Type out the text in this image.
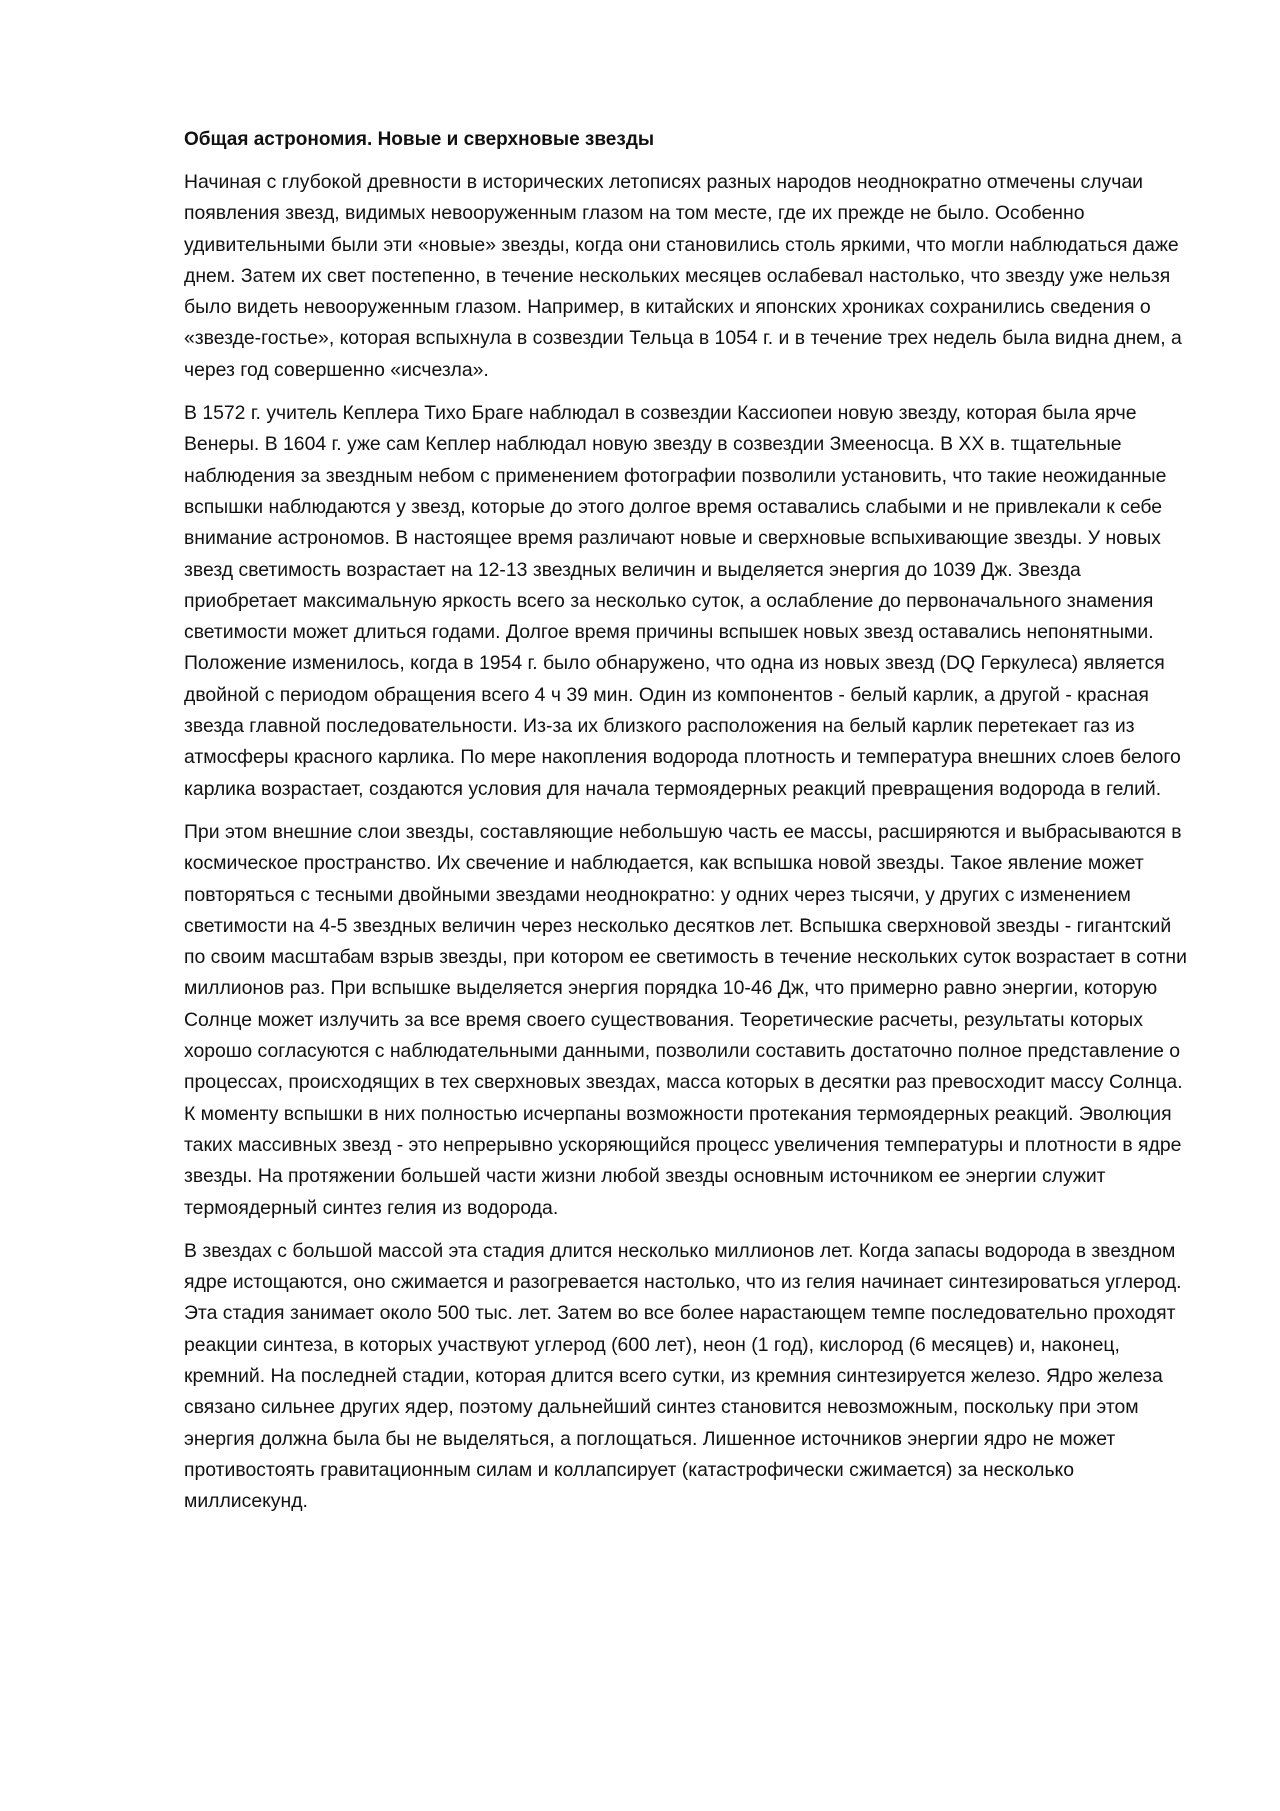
Общая астрономия. Новые и сверхновые звезды

Начиная с глубокой древности в исторических летописях разных народов неоднократно отмечены случаи появления звезд, видимых невооруженным глазом на том месте, где их прежде не было. Особенно удивительными были эти «новые» звезды, когда они становились столь яркими, что могли наблюдаться даже днем. Затем их свет постепенно, в течение нескольких месяцев ослабевал настолько, что звезду уже нельзя было видеть невооруженным глазом. Например, в китайских и японских хрониках сохранились сведения о «звезде-гостье», которая вспыхнула в созвездии Тельца в 1054 г. и в течение трех недель была видна днем, а через год совершенно «исчезла».

В 1572 г. учитель Кеплера Тихо Браге наблюдал в созвездии Кассиопеи новую звезду, которая была ярче Венеры. В 1604 г. уже сам Кеплер наблюдал новую звезду в созвездии Змееносца. В XX в. тщательные наблюдения за звездным небом с применением фотографии позволили установить, что такие неожиданные вспышки наблюдаются у звезд, которые до этого долгое время оставались слабыми и не привлекали к себе внимание астрономов. В настоящее время различают новые и сверхновые вспыхивающие звезды. У новых звезд светимость возрастает на 12-13 звездных величин и выделяется энергия до 1039 Дж. Звезда приобретает максимальную яркость всего за несколько суток, а ослабление до первоначального знамения светимости может длиться годами. Долгое время причины вспышек новых звезд оставались непонятными. Положение изменилось, когда в 1954 г. было обнаружено, что одна из новых звезд (DQ Геркулеса) является двойной с периодом обращения всего 4 ч 39 мин. Один из компонентов - белый карлик, а другой - красная звезда главной последовательности. Из-за их близкого расположения на белый карлик перетекает газ из атмосферы красного карлика. По мере накопления водорода плотность и температура внешних слоев белого карлика возрастает, создаются условия для начала термоядерных реакций превращения водорода в гелий.

При этом внешние слои звезды, составляющие небольшую часть ее массы, расширяются и выбрасываются в космическое пространство. Их свечение и наблюдается, как вспышка новой звезды. Такое явление может повторяться с тесными двойными звездами неоднократно: у одних через тысячи, у других с изменением светимости на 4-5 звездных величин через несколько десятков лет. Вспышка сверхновой звезды - гигантский по своим масштабам взрыв звезды, при котором ее светимость в течение нескольких суток возрастает в сотни миллионов раз. При вспышке выделяется энергия порядка 10-46 Дж, что примерно равно энергии, которую Солнце может излучить за все время своего существования. Теоретические расчеты, результаты которых хорошо согласуются с наблюдательными данными, позволили составить достаточно полное представление о процессах, происходящих в тех сверхновых звездах, масса которых в десятки раз превосходит массу Солнца. К моменту вспышки в них полностью исчерпаны возможности протекания термоядерных реакций. Эволюция таких массивных звезд - это непрерывно ускоряющийся процесс увеличения температуры и плотности в ядре звезды. На протяжении большей части жизни любой звезды основным источником ее энергии служит термоядерный синтез гелия из водорода.

В звездах с большой массой эта стадия длится несколько миллионов лет. Когда запасы водорода в звездном ядре истощаются, оно сжимается и разогревается настолько, что из гелия начинает синтезироваться углерод. Эта стадия занимает около 500 тыс. лет. Затем во все более нарастающем темпе последовательно проходят реакции синтеза, в которых участвуют углерод (600 лет), неон (1 год), кислород (6 месяцев) и, наконец, кремний. На последней стадии, которая длится всего сутки, из кремния синтезируется железо. Ядро железа связано сильнее других ядер, поэтому дальнейший синтез становится невозможным, поскольку при этом энергия должна была бы не выделяться, а поглощаться. Лишенное источников энергии ядро не может противостоять гравитационным силам и коллапсирует (катастрофически сжимается) за несколько миллисекунд.
